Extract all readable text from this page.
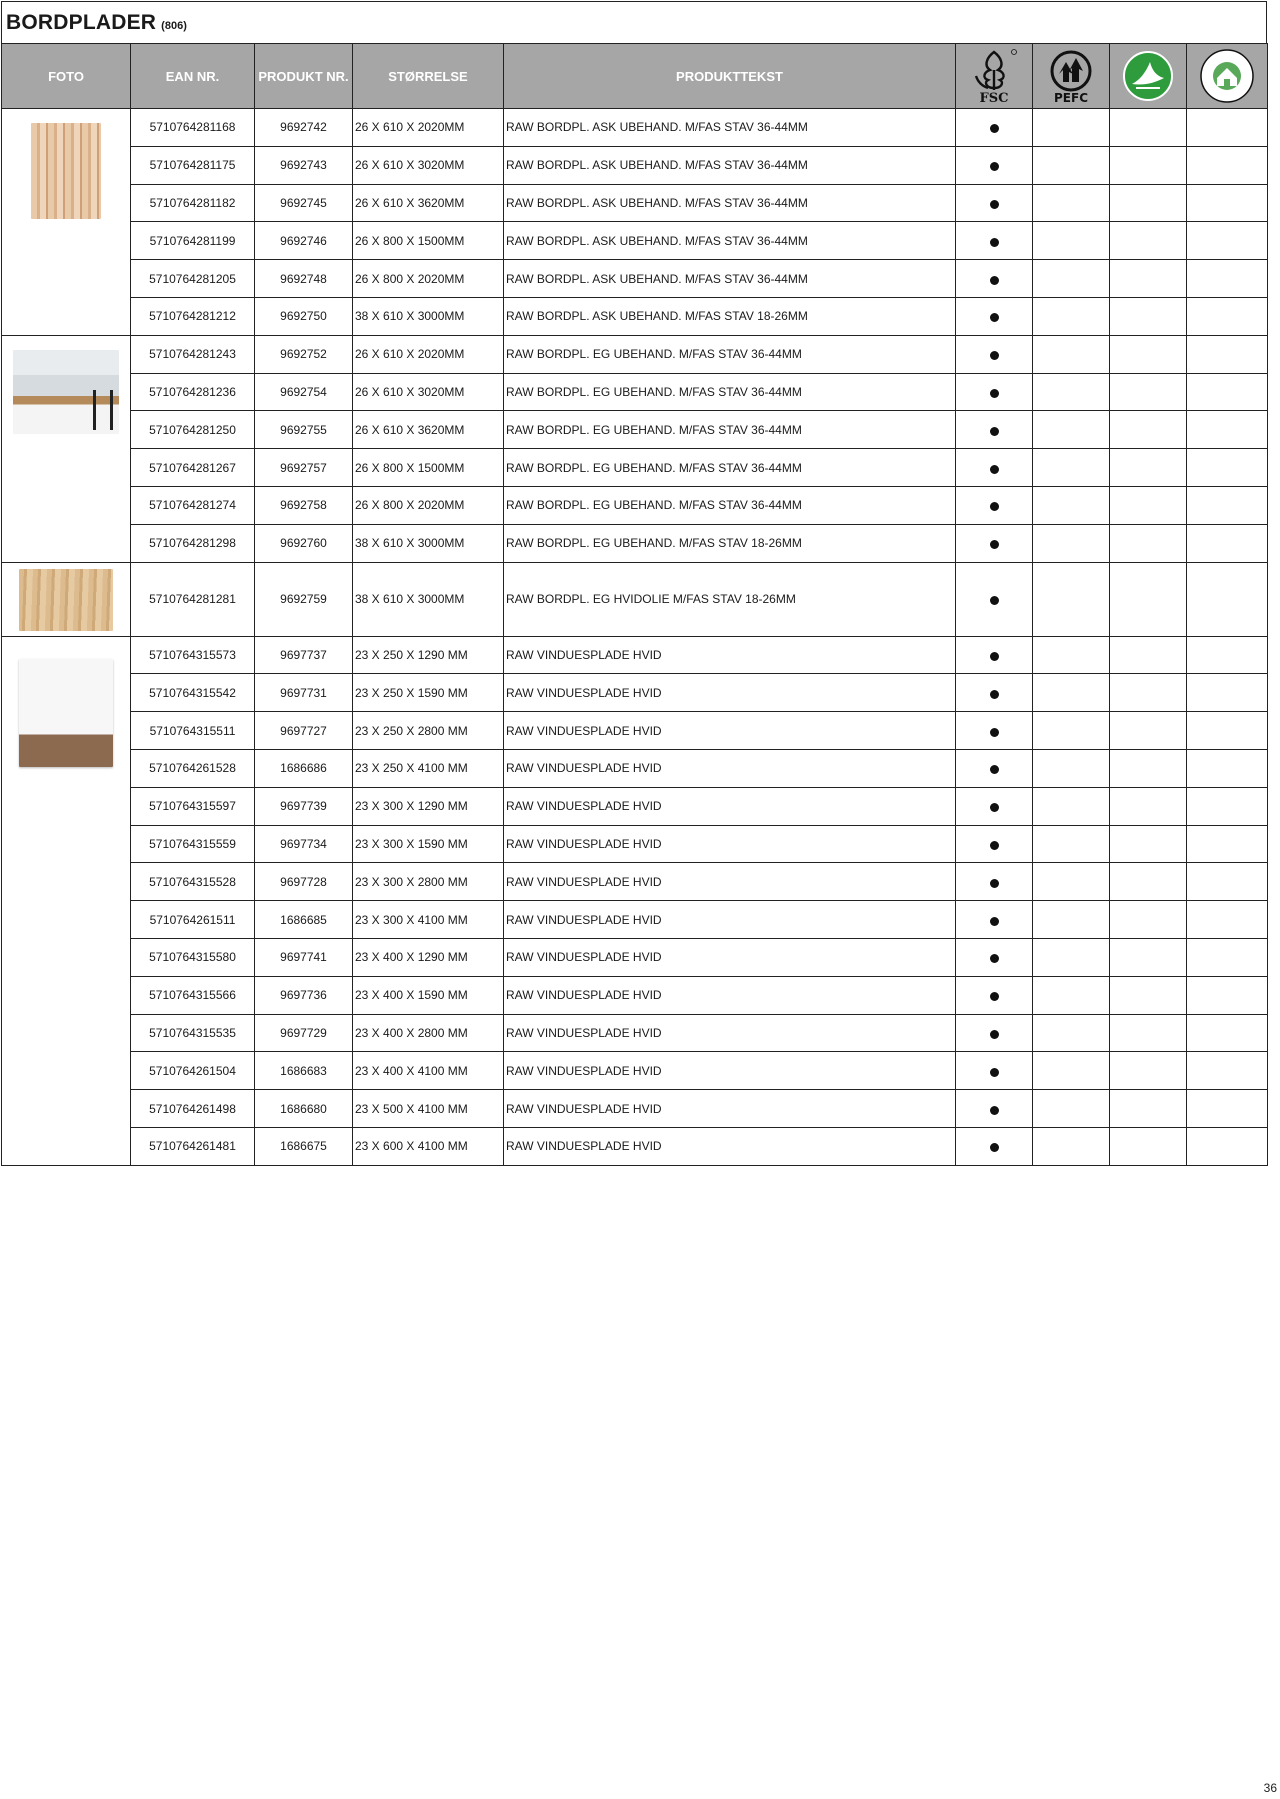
BORDPLADER (806)
FOTO	EAN NR.	PRODUKT NR.	STØRRELSE	PRODUKTTEKST	FSC	PEFC

	5710764281168	9692742	26 X 610 X 2020MM	RAW BORDPL. ASK UBEHAND. M/FAS STAV 36-44MM				
	5710764281175	9692743	26 X 610 X 3020MM	RAW BORDPL. ASK UBEHAND. M/FAS STAV 36-44MM				
	5710764281182	9692745	26 X 610 X 3620MM	RAW BORDPL. ASK UBEHAND. M/FAS STAV 36-44MM				
	5710764281199	9692746	26 X 800 X 1500MM	RAW BORDPL. ASK UBEHAND. M/FAS STAV 36-44MM				
	5710764281205	9692748	26 X 800 X 2020MM	RAW BORDPL. ASK UBEHAND. M/FAS STAV 36-44MM				
	5710764281212	9692750	38 X 610 X 3000MM	RAW BORDPL. ASK UBEHAND. M/FAS STAV 18-26MM				

	5710764281243	9692752	26 X 610 X 2020MM	RAW BORDPL. EG UBEHAND. M/FAS STAV 36-44MM				
	5710764281236	9692754	26 X 610 X 3020MM	RAW BORDPL. EG UBEHAND. M/FAS STAV 36-44MM				
	5710764281250	9692755	26 X 610 X 3620MM	RAW BORDPL. EG UBEHAND. M/FAS STAV 36-44MM				
	5710764281267	9692757	26 X 800 X 1500MM	RAW BORDPL. EG UBEHAND. M/FAS STAV 36-44MM				
	5710764281274	9692758	26 X 800 X 2020MM	RAW BORDPL. EG UBEHAND. M/FAS STAV 36-44MM				
	5710764281298	9692760	38 X 610 X 3000MM	RAW BORDPL. EG UBEHAND. M/FAS STAV 18-26MM				

	5710764281281	9692759	38 X 610 X 3000MM	RAW BORDPL. EG HVIDOLIE M/FAS STAV 18-26MM				

	5710764315573	9697737	23 X 250 X 1290 MM	RAW VINDUESPLADE HVID				
	5710764315542	9697731	23 X 250 X 1590 MM	RAW VINDUESPLADE HVID				
	5710764315511	9697727	23 X 250 X 2800 MM	RAW VINDUESPLADE HVID				
	5710764261528	1686686	23 X 250 X 4100 MM	RAW VINDUESPLADE HVID				
	5710764315597	9697739	23 X 300 X 1290 MM	RAW VINDUESPLADE HVID				
	5710764315559	9697734	23 X 300 X 1590 MM	RAW VINDUESPLADE HVID				
	5710764315528	9697728	23 X 300 X 2800 MM	RAW VINDUESPLADE HVID				
	5710764261511	1686685	23 X 300 X 4100 MM	RAW VINDUESPLADE HVID				
	5710764315580	9697741	23 X 400 X 1290 MM	RAW VINDUESPLADE HVID				
	5710764315566	9697736	23 X 400 X 1590 MM	RAW VINDUESPLADE HVID				
	5710764315535	9697729	23 X 400 X 2800 MM	RAW VINDUESPLADE HVID				
	5710764261504	1686683	23 X 400 X 4100 MM	RAW VINDUESPLADE HVID				
	5710764261498	1686680	23 X 500 X 4100 MM	RAW VINDUESPLADE HVID				
	5710764261481	1686675	23 X 600 X 4100 MM	RAW VINDUESPLADE HVID				
36
